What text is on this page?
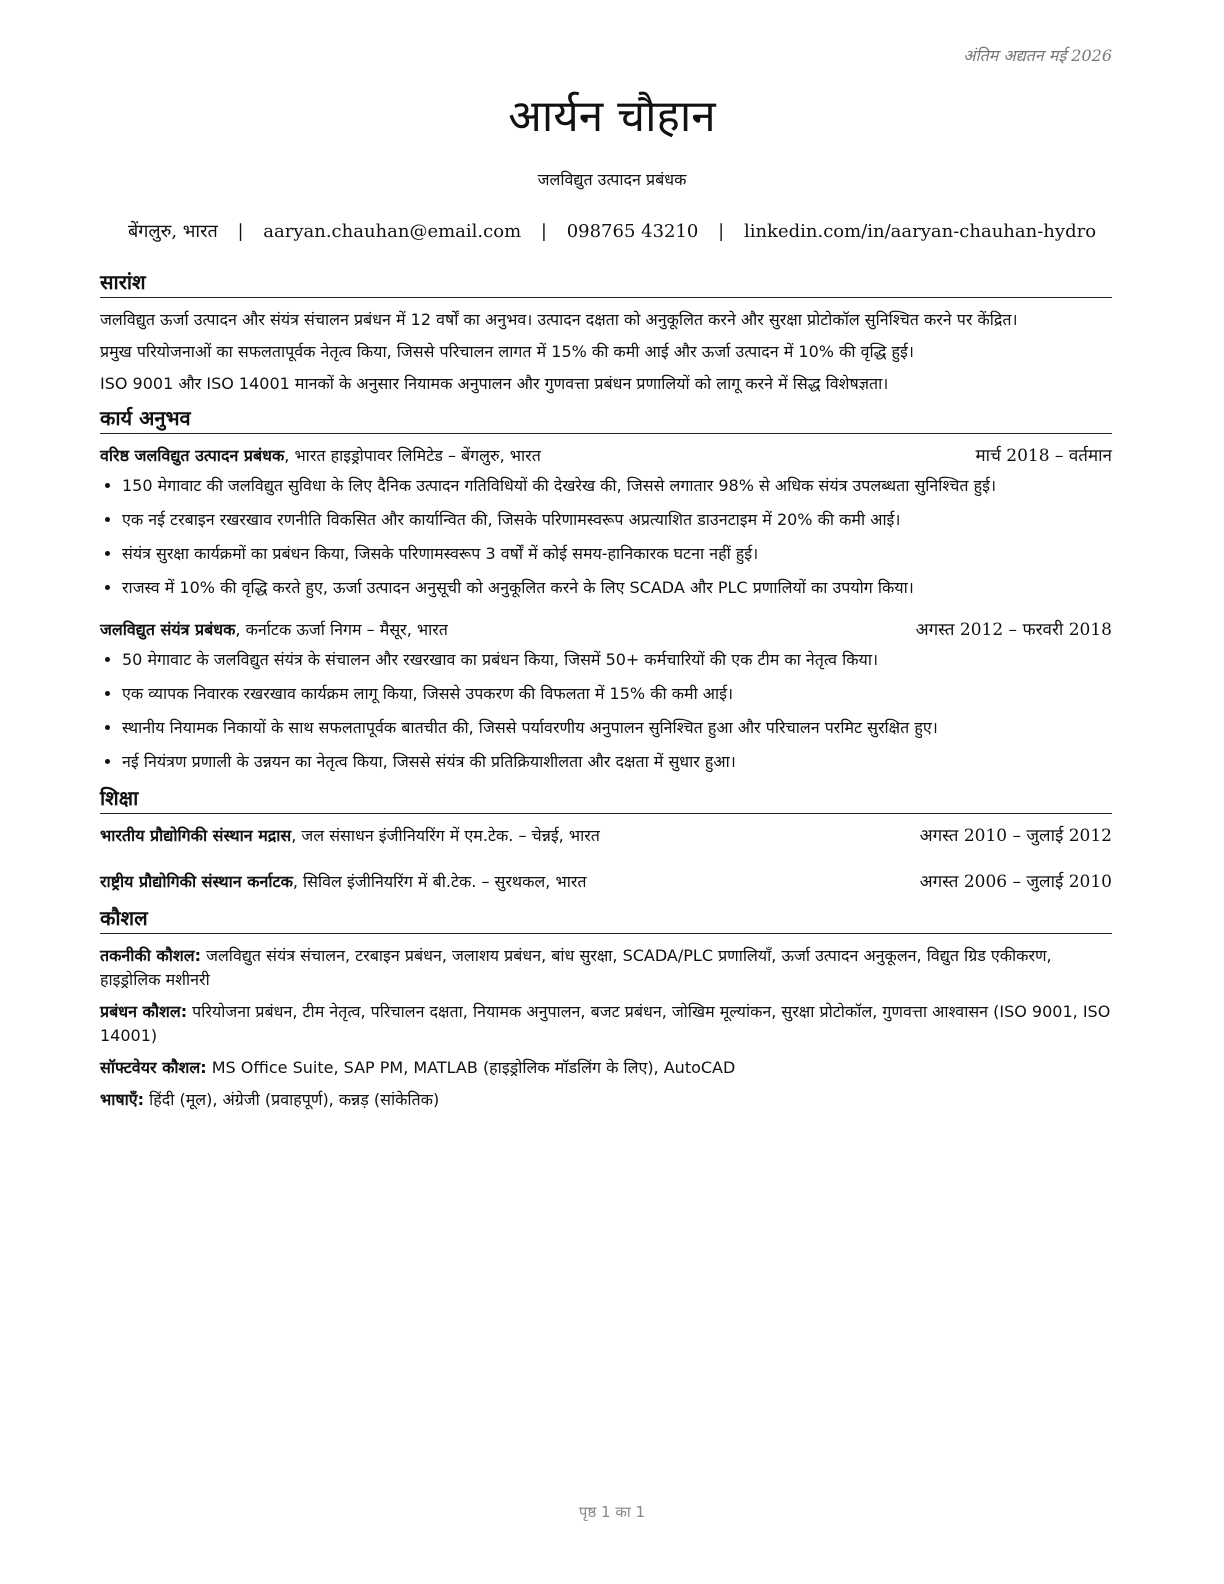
अंतिम अद्यतन मई 2026
आर्यन चौहान
जलविद्युत उत्पादन प्रबंधक
बेंगलुरु, भारत | aaryan.chauhan@email.com | 098765 43210 | linkedin.com/in/aaryan-chauhan-hydro
सारांश

जलविद्युत ऊर्जा उत्पादन और संयंत्र संचालन प्रबंधन में 12 वर्षों का अनुभव। उत्पादन दक्षता को अनुकूलित करने और सुरक्षा प्रोटोकॉल सुनिश्चित करने पर केंद्रित।

प्रमुख परियोजनाओं का सफलतापूर्वक नेतृत्व किया, जिससे परिचालन लागत में 15% की कमी आई और ऊर्जा उत्पादन में 10% की वृद्धि हुई।

ISO 9001 और ISO 14001 मानकों के अनुसार नियामक अनुपालन और गुणवत्ता प्रबंधन प्रणालियों को लागू करने में सिद्ध विशेषज्ञता।

कार्य अनुभव
वरिष्ठ जलविद्युत उत्पादन प्रबंधक, भारत हाइड्रोपावर लिमिटेड – बेंगलुरु, भारत	मार्च 2018 – वर्तमान
• 150 मेगावाट की जलविद्युत सुविधा के लिए दैनिक उत्पादन गतिविधियों की देखरेख की, जिससे लगातार 98% से अधिक संयंत्र उपलब्धता सुनिश्चित हुई।
• एक नई टरबाइन रखरखाव रणनीति विकसित और कार्यान्वित की, जिसके परिणामस्वरूप अप्रत्याशित डाउनटाइम में 20% की कमी आई।
• संयंत्र सुरक्षा कार्यक्रमों का प्रबंधन किया, जिसके परिणामस्वरूप 3 वर्षों में कोई समय-हानिकारक घटना नहीं हुई।
• राजस्व में 10% की वृद्धि करते हुए, ऊर्जा उत्पादन अनुसूची को अनुकूलित करने के लिए SCADA और PLC प्रणालियों का उपयोग किया।
जलविद्युत संयंत्र प्रबंधक, कर्नाटक ऊर्जा निगम – मैसूर, भारत	अगस्त 2012 – फरवरी 2018
• 50 मेगावाट के जलविद्युत संयंत्र के संचालन और रखरखाव का प्रबंधन किया, जिसमें 50+ कर्मचारियों की एक टीम का नेतृत्व किया।
• एक व्यापक निवारक रखरखाव कार्यक्रम लागू किया, जिससे उपकरण की विफलता में 15% की कमी आई।
• स्थानीय नियामक निकायों के साथ सफलतापूर्वक बातचीत की, जिससे पर्यावरणीय अनुपालन सुनिश्चित हुआ और परिचालन परमिट सुरक्षित हुए।
• नई नियंत्रण प्रणाली के उन्नयन का नेतृत्व किया, जिससे संयंत्र की प्रतिक्रियाशीलता और दक्षता में सुधार हुआ।
शिक्षा
भारतीय प्रौद्योगिकी संस्थान मद्रास, जल संसाधन इंजीनियरिंग में एम.टेक. – चेन्नई, भारत	अगस्त 2010 – जुलाई 2012
राष्ट्रीय प्रौद्योगिकी संस्थान कर्नाटक, सिविल इंजीनियरिंग में बी.टेक. – सुरथकल, भारत	अगस्त 2006 – जुलाई 2010
कौशल

तकनीकी कौशल: जलविद्युत संयंत्र संचालन, टरबाइन प्रबंधन, जलाशय प्रबंधन, बांध सुरक्षा, SCADA/PLC प्रणालियाँ, ऊर्जा उत्पादन अनुकूलन, विद्युत ग्रिड एकीकरण, हाइड्रोलिक मशीनरी

प्रबंधन कौशल: परियोजना प्रबंधन, टीम नेतृत्व, परिचालन दक्षता, नियामक अनुपालन, बजट प्रबंधन, जोखिम मूल्यांकन, सुरक्षा प्रोटोकॉल, गुणवत्ता आश्वासन (ISO 9001, ISO 14001)

सॉफ्टवेयर कौशल: MS Office Suite, SAP PM, MATLAB (हाइड्रोलिक मॉडलिंग के लिए), AutoCAD

भाषाएँ: हिंदी (मूल), अंग्रेजी (प्रवाहपूर्ण), कन्नड़ (सांकेतिक)

पृष्ठ 1 का 1
